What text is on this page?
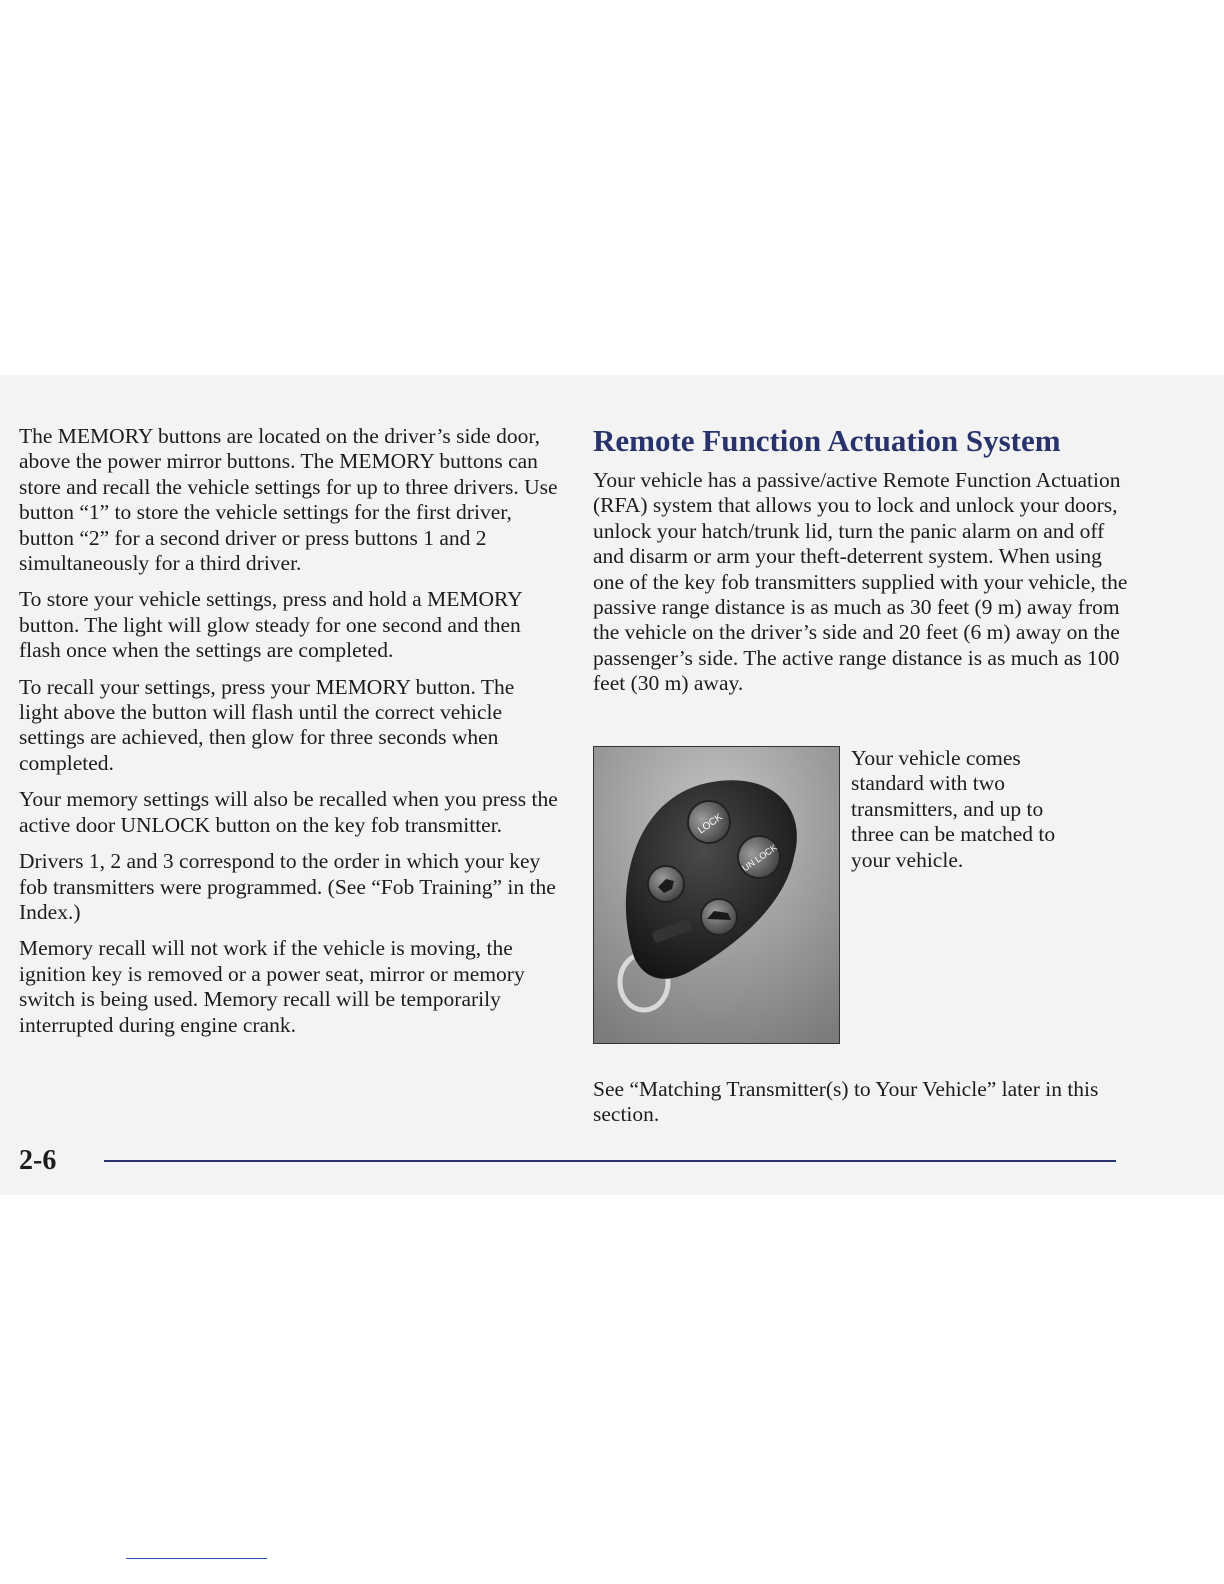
The MEMORY buttons are located on the driver’s side door, above the power mirror buttons. The MEMORY buttons can store and recall the vehicle settings for up to three drivers. Use button “1” to store the vehicle settings for the first driver, button “2” for a second driver or press buttons 1 and 2 simultaneously for a third driver.

To store your vehicle settings, press and hold a MEMORY button. The light will glow steady for one second and then flash once when the settings are completed.

To recall your settings, press your MEMORY button. The light above the button will flash until the correct vehicle settings are achieved, then glow for three seconds when completed.

Your memory settings will also be recalled when you press the active door UNLOCK button on the key fob transmitter.

Drivers 1, 2 and 3 correspond to the order in which your key fob transmitters were programmed. (See “Fob Training” in the Index.)

Memory recall will not work if the vehicle is moving, the ignition key is removed or a power seat, mirror or memory switch is being used. Memory recall will be temporarily interrupted during engine crank.

Remote Function Actuation System

Your vehicle has a passive/active Remote Function Actuation (RFA) system that allows you to lock and unlock your doors, unlock your hatch/trunk lid, turn the panic alarm on and off and disarm or arm your theft-deterrent system. When using one of the key fob transmitters supplied with your vehicle, the passive range distance is as much as 30 feet (9 m) away from the vehicle on the driver’s side and 20 feet (6 m) away on the passenger’s side. The active range distance is as much as 100 feet (30 m) away.

LOCK
UN LOCK

Your vehicle comes standard with two transmitters, and up to three can be matched to your vehicle.

See “Matching Transmitter(s) to Your Vehicle” later in this section.

2-6
